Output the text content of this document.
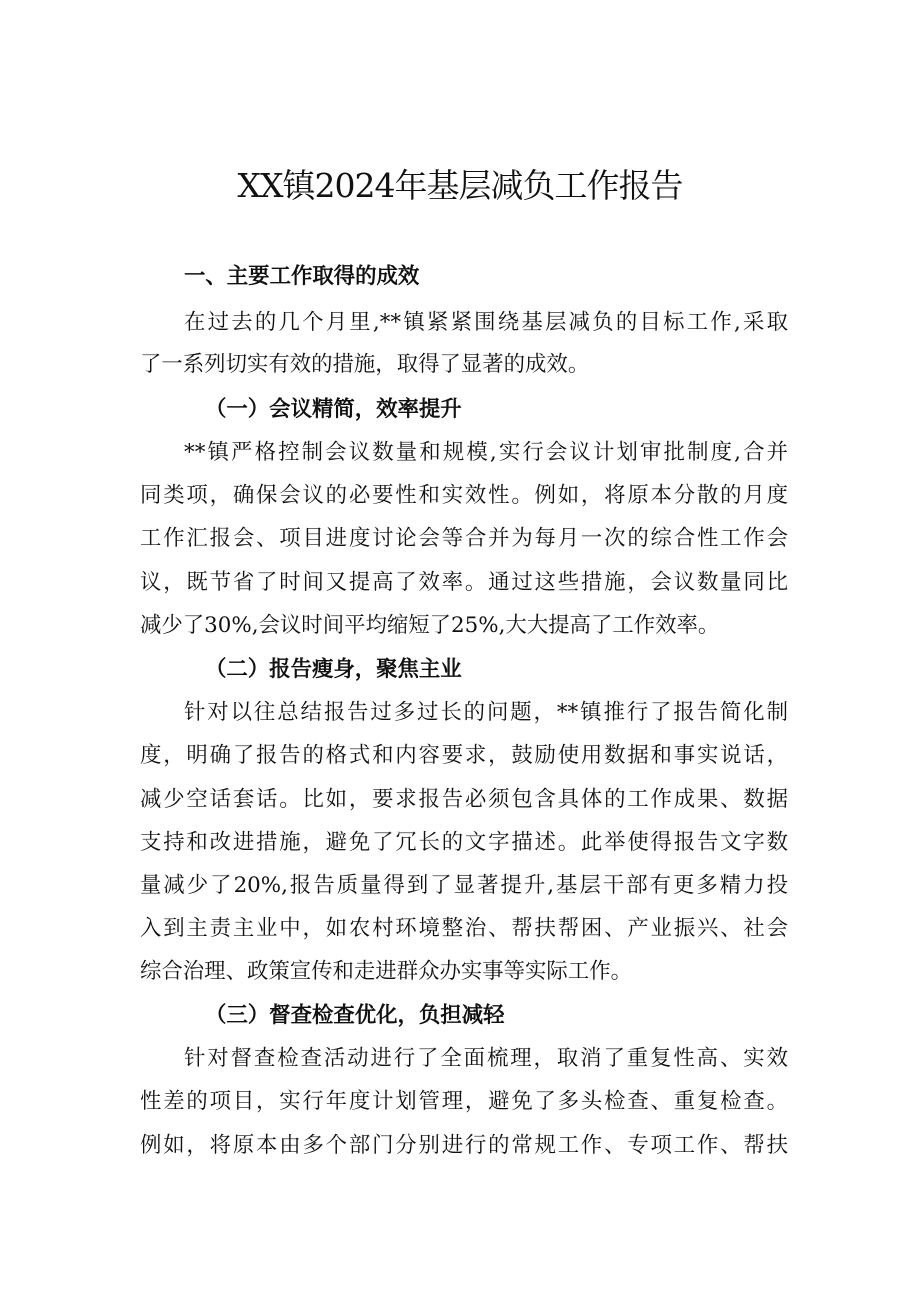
XX镇2024年基层减负工作报告
一、主要工作取得的成效
在过去的几个月里,**镇紧紧围绕基层减负的目标工作,采取
了一系列切实有效的措施，取得了显著的成效。
（一）会议精简，效率提升
**镇严格控制会议数量和规模,实行会议计划审批制度,合并
同类项，确保会议的必要性和实效性。例如，将原本分散的月度
工作汇报会、项目进度讨论会等合并为每月一次的综合性工作会
议，既节省了时间又提高了效率。通过这些措施，会议数量同比
减少了30%,会议时间平均缩短了25%,大大提高了工作效率。
（二）报告瘦身，聚焦主业
针对以往总结报告过多过长的问题，**镇推行了报告简化制
度，明确了报告的格式和内容要求，鼓励使用数据和事实说话，
减少空话套话。比如，要求报告必须包含具体的工作成果、数据
支持和改进措施，避免了冗长的文字描述。此举使得报告文字数
量减少了20%,报告质量得到了显著提升,基层干部有更多精力投
入到主责主业中，如农村环境整治、帮扶帮困、产业振兴、社会
综合治理、政策宣传和走进群众办实事等实际工作。
（三）督查检查优化，负担减轻
针对督查检查活动进行了全面梳理，取消了重复性高、实效
性差的项目，实行年度计划管理，避免了多头检查、重复检查。
例如，将原本由多个部门分别进行的常规工作、专项工作、帮扶
